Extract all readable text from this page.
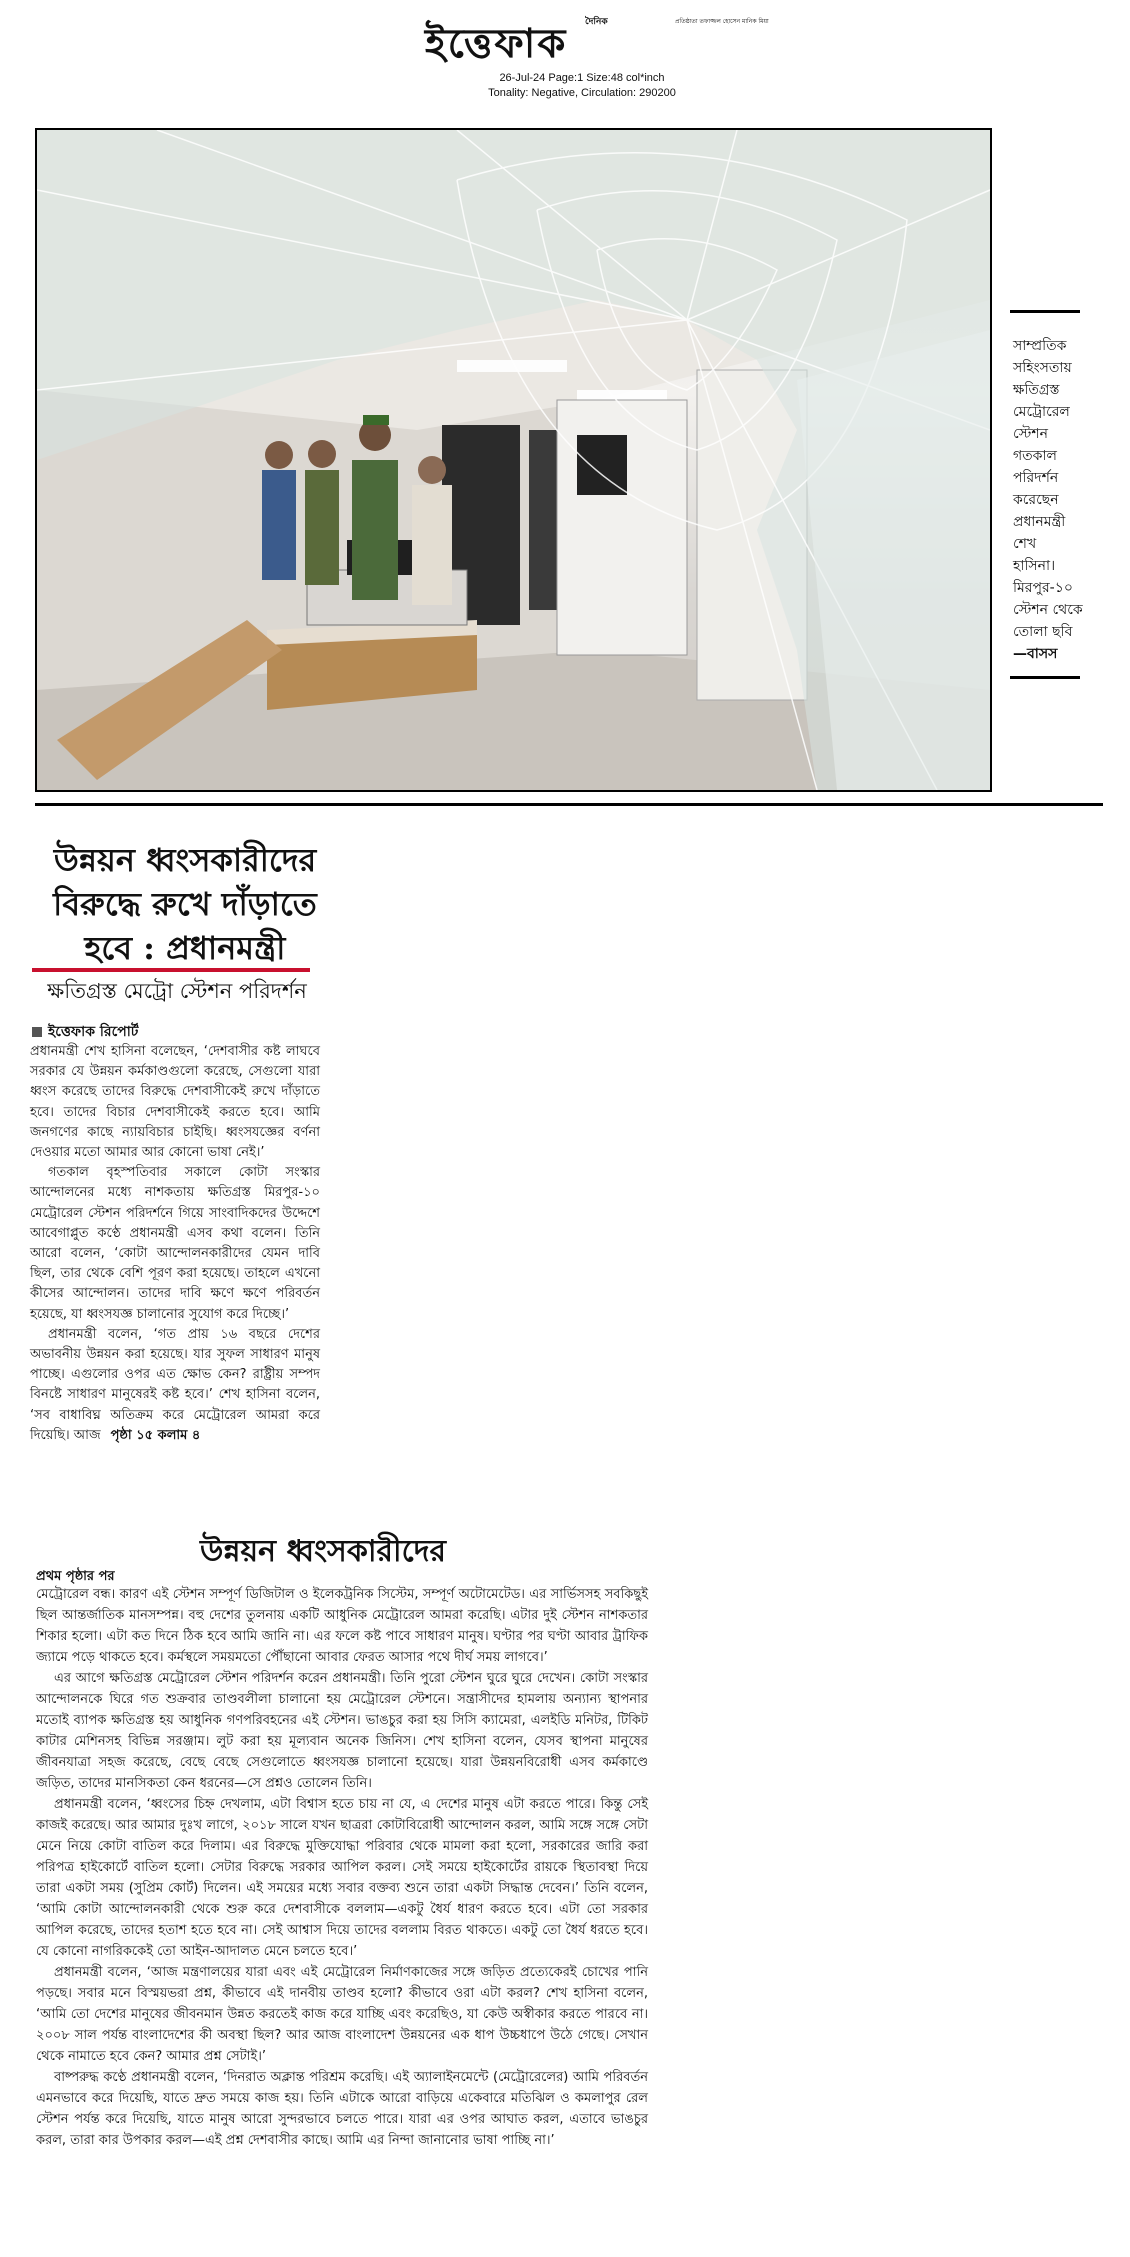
দৈনিক	প্রতিষ্ঠাতা তফাজ্জল হোসেন মানিক মিয়া
ইত্তেফাক
26-Jul-24 Page:1 Size:48 col*inch
Tonality: Negative, Circulation: 290200
সাম্প্রতিক
সহিংসতায়
ক্ষতিগ্রস্ত
মেট্রোরেল
স্টেশন
গতকাল
পরিদর্শন
করেছেন
প্রধানমন্ত্রী
শেখ
হাসিনা।
মিরপুর-১০
স্টেশন থেকে
তোলা ছবি
—বাসস
উন্নয়ন ধ্বংসকারীদের
বিরুদ্ধে রুখে দাঁড়াতে
হবে : প্রধানমন্ত্রী
ক্ষতিগ্রস্ত মেট্রো স্টেশন পরিদর্শন
ইত্তেফাক রিপোর্ট

প্রধানমন্ত্রী শেখ হাসিনা বলেছেন, ‘দেশবাসীর কষ্ট লাঘবে সরকার যে উন্নয়ন কর্মকাণ্ডগুলো করেছে, সেগুলো যারা ধ্বংস করেছে তাদের বিরুদ্ধে দেশবাসীকেই রুখে দাঁড়াতে হবে। তাদের বিচার দেশবাসীকেই করতে হবে। আমি জনগণের কাছে ন্যায়বিচার চাইছি। ধ্বংসযজ্ঞের বর্ণনা দেওয়ার মতো আমার আর কোনো ভাষা নেই।’

গতকাল বৃহস্পতিবার সকালে কোটা সংস্কার আন্দোলনের মধ্যে নাশকতায় ক্ষতিগ্রস্ত মিরপুর-১০ মেট্রোরেল স্টেশন পরিদর্শনে গিয়ে সাংবাদিকদের উদ্দেশে আবেগাপ্লুত কণ্ঠে প্রধানমন্ত্রী এসব কথা বলেন। তিনি আরো বলেন, ‘কোটা আন্দোলনকারীদের যেমন দাবি ছিল, তার থেকে বেশি পূরণ করা হয়েছে। তাহলে এখনো কীসের আন্দোলন। তাদের দাবি ক্ষণে ক্ষণে পরিবর্তন হয়েছে, যা ধ্বংসযজ্ঞ চালানোর সুযোগ করে দিচ্ছে।’

প্রধানমন্ত্রী বলেন, ‘গত প্রায় ১৬ বছরে দেশের অভাবনীয় উন্নয়ন করা হয়েছে। যার সুফল সাধারণ মানুষ পাচ্ছে। এগুলোর ওপর এত ক্ষোভ কেন? রাষ্ট্রীয় সম্পদ বিনষ্টে সাধারণ মানুষেরই কষ্ট হবে।’ শেখ হাসিনা বলেন, ‘সব বাধাবিঘ্ন অতিক্রম করে মেট্রোরেল আমরা করে দিয়েছি। আজ পৃষ্ঠা ১৫ কলাম ৪

উন্নয়ন ধ্বংসকারীদের
প্রথম পৃষ্ঠার পর

মেট্রোরেল বন্ধ। কারণ এই স্টেশন সম্পূর্ণ ডিজিটাল ও ইলেকট্রনিক সিস্টেম, সম্পূর্ণ অটোমেটেড। এর সার্ভিসসহ সবকিছুই ছিল আন্তর্জাতিক মানসম্পন্ন। বহু দেশের তুলনায় একটি আধুনিক মেট্রোরেল আমরা করেছি। এটার দুই স্টেশন নাশকতার শিকার হলো। এটা কত দিনে ঠিক হবে আমি জানি না। এর ফলে কষ্ট পাবে সাধারণ মানুষ। ঘণ্টার পর ঘণ্টা আবার ট্রাফিক জ্যামে পড়ে থাকতে হবে। কর্মস্থলে সময়মতো পৌঁছানো আবার ফেরত আসার পথে দীর্ঘ সময় লাগবে।’

এর আগে ক্ষতিগ্রস্ত মেট্রোরেল স্টেশন পরিদর্শন করেন প্রধানমন্ত্রী। তিনি পুরো স্টেশন ঘুরে ঘুরে দেখেন। কোটা সংস্কার আন্দোলনকে ঘিরে গত শুক্রবার তাণ্ডবলীলা চালানো হয় মেট্রোরেল স্টেশনে। সন্ত্রাসীদের হামলায় অন্যান্য স্থাপনার মতোই ব্যাপক ক্ষতিগ্রস্ত হয় আধুনিক গণপরিবহনের এই স্টেশন। ভাঙচুর করা হয় সিসি ক্যামেরা, এলইডি মনিটর, টিকিট কাটার মেশিনসহ বিভিন্ন সরঞ্জাম। লুট করা হয় মূল্যবান অনেক জিনিস। শেখ হাসিনা বলেন, যেসব স্থাপনা মানুষের জীবনযাত্রা সহজ করেছে, বেছে বেছে সেগুলোতে ধ্বংসযজ্ঞ চালানো হয়েছে। যারা উন্নয়নবিরোধী এসব কর্মকাণ্ডে জড়িত, তাদের মানসিকতা কেন ধরনের—সে প্রশ্নও তোলেন তিনি।

প্রধানমন্ত্রী বলেন, ‘ধ্বংসের চিহ্ন দেখলাম, এটা বিশ্বাস হতে চায় না যে, এ দেশের মানুষ এটা করতে পারে। কিন্তু সেই কাজই করেছে। আর আমার দুঃখ লাগে, ২০১৮ সালে যখন ছাত্ররা কোটাবিরোধী আন্দোলন করল, আমি সঙ্গে সঙ্গে সেটা মেনে নিয়ে কোটা বাতিল করে দিলাম। এর বিরুদ্ধে মুক্তিযোদ্ধা পরিবার থেকে মামলা করা হলো, সরকারের জারি করা পরিপত্র হাইকোর্টে বাতিল হলো। সেটার বিরুদ্ধে সরকার আপিল করল। সেই সময়ে হাইকোর্টের রায়কে স্থিতাবস্থা দিয়ে তারা একটা সময় (সুপ্রিম কোর্ট) দিলেন। এই সময়ের মধ্যে সবার বক্তব্য শুনে তারা একটা সিদ্ধান্ত দেবেন।’ তিনি বলেন, ‘আমি কোটা আন্দোলনকারী থেকে শুরু করে দেশবাসীকে বললাম—একটু ধৈর্য ধারণ করতে হবে। এটা তো সরকার আপিল করেছে, তাদের হতাশ হতে হবে না। সেই আশ্বাস দিয়ে তাদের বললাম বিরত থাকতে। একটু তো ধৈর্য ধরতে হবে। যে কোনো নাগরিককেই তো আইন-আদালত মেনে চলতে হবে।’

প্রধানমন্ত্রী বলেন, ‘আজ মন্ত্রণালয়ের যারা এবং এই মেট্রোরেল নির্মাণকাজের সঙ্গে জড়িত প্রত্যেকেরই চোখের পানি পড়ছে। সবার মনে বিস্ময়ভরা প্রশ্ন, কীভাবে এই দানবীয় তাণ্ডব হলো? কীভাবে ওরা এটা করল? শেখ হাসিনা বলেন, ‘আমি তো দেশের মানুষের জীবনমান উন্নত করতেই কাজ করে যাচ্ছি এবং করেছিও, যা কেউ অস্বীকার করতে পারবে না। ২০০৮ সাল পর্যন্ত বাংলাদেশের কী অবস্থা ছিল? আর আজ বাংলাদেশ উন্নয়নের এক ধাপ উচ্চধাপে উঠে গেছে। সেখান থেকে নামাতে হবে কেন? আমার প্রশ্ন সেটাই।’

বাষ্পরুদ্ধ কণ্ঠে প্রধানমন্ত্রী বলেন, ‘দিনরাত অক্লান্ত পরিশ্রম করেছি। এই অ্যালাইনমেন্টে (মেট্রোরেলের) আমি পরিবর্তন এমনভাবে করে দিয়েছি, যাতে দ্রুত সময়ে কাজ হয়। তিনি এটাকে আরো বাড়িয়ে একেবারে মতিঝিল ও কমলাপুর রেল স্টেশন পর্যন্ত করে দিয়েছি, যাতে মানুষ আরো সুন্দরভাবে চলতে পারে। যারা এর ওপর আঘাত করল, এতাবে ভাঙচুর করল, তারা কার উপকার করল—এই প্রশ্ন দেশবাসীর কাছে। আমি এর নিন্দা জানানোর ভাষা পাচ্ছি না।’
